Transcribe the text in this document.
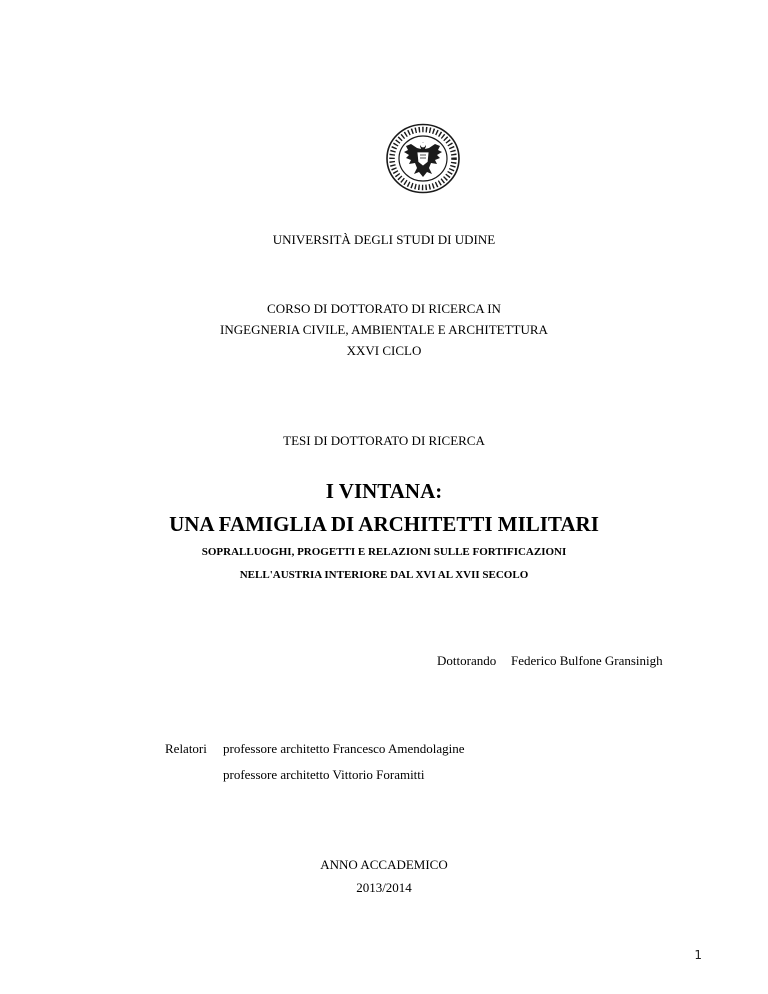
UNIVERSITÀ DEGLI STUDI DI UDINE
CORSO DI DOTTORATO DI RICERCA IN
INGEGNERIA CIVILE, AMBIENTALE E ARCHITETTURA
XXVI CICLO
TESI DI DOTTORATO DI RICERCA
I VINTANA:
UNA FAMIGLIA DI ARCHITETTI MILITARI
SOPRALLUOGHI, PROGETTI E RELAZIONI SULLE FORTIFICAZIONI
NELL'AUSTRIA INTERIORE DAL XVI AL XVII SECOLO
Dottorando Federico Bulfone Gransinigh
Relatori professore architetto Francesco Amendolagine
professore architetto Vittorio Foramitti
ANNO ACCADEMICO
2013/2014
1
